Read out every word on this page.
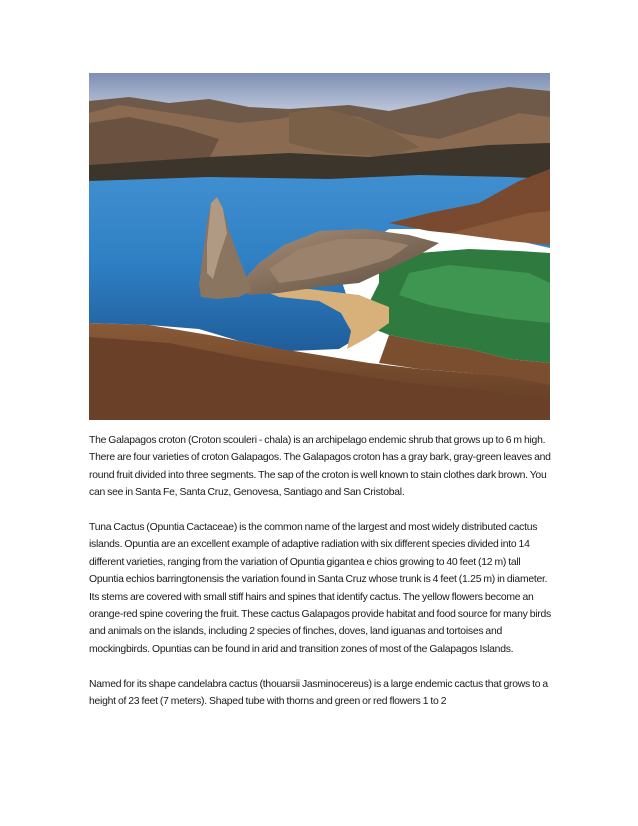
The Galapagos croton (Croton scouleri - chala) is an archipelago endemic shrub that grows up to 6 m high. There are four varieties of croton Galapagos. The Galapagos croton has a gray bark, gray-green leaves and round fruit divided into three segments. The sap of the croton is well known to stain clothes dark brown. You can see in Santa Fe, Santa Cruz, Genovesa, Santiago and San Cristobal.

Tuna Cactus (Opuntia Cactaceae) is the common name of the largest and most widely distributed cactus islands. Opuntia are an excellent example of adaptive radiation with six different species divided into 14 different varieties, ranging from the variation of Opuntia gigantea e chios growing to 40 feet (12 m) tall Opuntia echios barringtonensis the variation found in Santa Cruz whose trunk is 4 feet (1.25 m) in diameter. Its stems are covered with small stiff hairs and spines that identify cactus. The yellow flowers become an orange-red spine covering the fruit. These cactus Galapagos provide habitat and food source for many birds and animals on the islands, including 2 species of finches, doves, land iguanas and tortoises and mockingbirds. Opuntias can be found in arid and transition zones of most of the Galapagos Islands.

Named for its shape candelabra cactus (thouarsii Jasminocereus) is a large endemic cactus that grows to a height of 23 feet (7 meters). Shaped tube with thorns and green or red flowers 1 to 2
